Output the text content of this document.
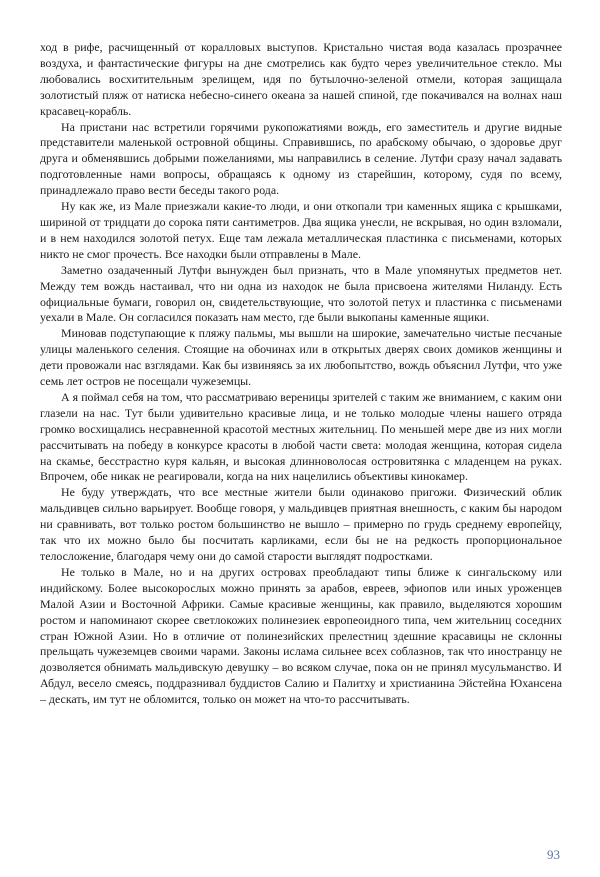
ход в рифе, расчищенный от коралловых выступов. Кристально чистая вода казалась прозрачнее воздуха, и фантастические фигуры на дне смотрелись как будто через увеличительное стекло. Мы любовались восхитительным зрелищем, идя по бутылочно-зеленой отмели, которая защищала золотистый пляж от натиска небесно-синего океана за нашей спиной, где покачивался на волнах наш красавец-корабль.

На пристани нас встретили горячими рукопожатиями вождь, его заместитель и другие видные представители маленькой островной общины. Справившись, по арабскому обычаю, о здоровье друг друга и обменявшись добрыми пожеланиями, мы направились в селение. Лутфи сразу начал задавать подготовленные нами вопросы, обращаясь к одному из старейшин, которому, судя по всему, принадлежало право вести беседы такого рода.

Ну как же, из Мале приезжали какие-то люди, и они откопали три каменных ящика с крышками, шириной от тридцати до сорока пяти сантиметров. Два ящика унесли, не вскрывая, но один взломали, и в нем находился золотой петух. Еще там лежала металлическая пластинка с письменами, которых никто не смог прочесть. Все находки были отправлены в Мале.

Заметно озадаченный Лутфи вынужден был признать, что в Мале упомянутых предметов нет. Между тем вождь настаивал, что ни одна из находок не была присвоена жителями Ниланду. Есть официальные бумаги, говорил он, свидетельствующие, что золотой петух и пластинка с письменами уехали в Мале. Он согласился показать нам место, где были выкопаны каменные ящики.

Миновав подступающие к пляжу пальмы, мы вышли на широкие, замечательно чистые песчаные улицы маленького селения. Стоящие на обочинах или в открытых дверях своих домиков женщины и дети провожали нас взглядами. Как бы извиняясь за их любопытство, вождь объяснил Лутфи, что уже семь лет остров не посещали чужеземцы.

А я поймал себя на том, что рассматриваю вереницы зрителей с таким же вниманием, с каким они глазели на нас. Тут были удивительно красивые лица, и не только молодые члены нашего отряда громко восхищались несравненной красотой местных жительниц. По меньшей мере две из них могли рассчитывать на победу в конкурсе красоты в любой части света: молодая женщина, которая сидела на скамье, бесстрастно куря кальян, и высокая длинноволосая островитянка с младенцем на руках. Впрочем, обе никак не реагировали, когда на них нацелились объективы кинокамер.

Не буду утверждать, что все местные жители были одинаково пригожи. Физический облик мальдивцев сильно варьирует. Вообще говоря, у мальдивцев приятная внешность, с каким бы народом ни сравнивать, вот только ростом большинство не вышло – примерно по грудь среднему европейцу, так что их можно было бы посчитать карликами, если бы не на редкость пропорциональное телосложение, благодаря чему они до самой старости выглядят подростками.

Не только в Мале, но и на других островах преобладают типы ближе к сингальскому или индийскому. Более высокорослых можно принять за арабов, евреев, эфиопов или иных уроженцев Малой Азии и Восточной Африки. Самые красивые женщины, как правило, выделяются хорошим ростом и напоминают скорее светлокожих полинезиек европеоидного типа, чем жительниц соседних стран Южной Азии. Но в отличие от полинезийских прелестниц здешние красавицы не склонны прельщать чужеземцев своими чарами. Законы ислама сильнее всех соблазнов, так что иностранцу не дозволяется обнимать мальдивскую девушку – во всяком случае, пока он не принял мусульманство. И Абдул, весело смеясь, поддразнивал буддистов Салию и Палитху и христианина Эйстейна Юхансена – дескать, им тут не обломится, только он может на что-то рассчитывать.

93
